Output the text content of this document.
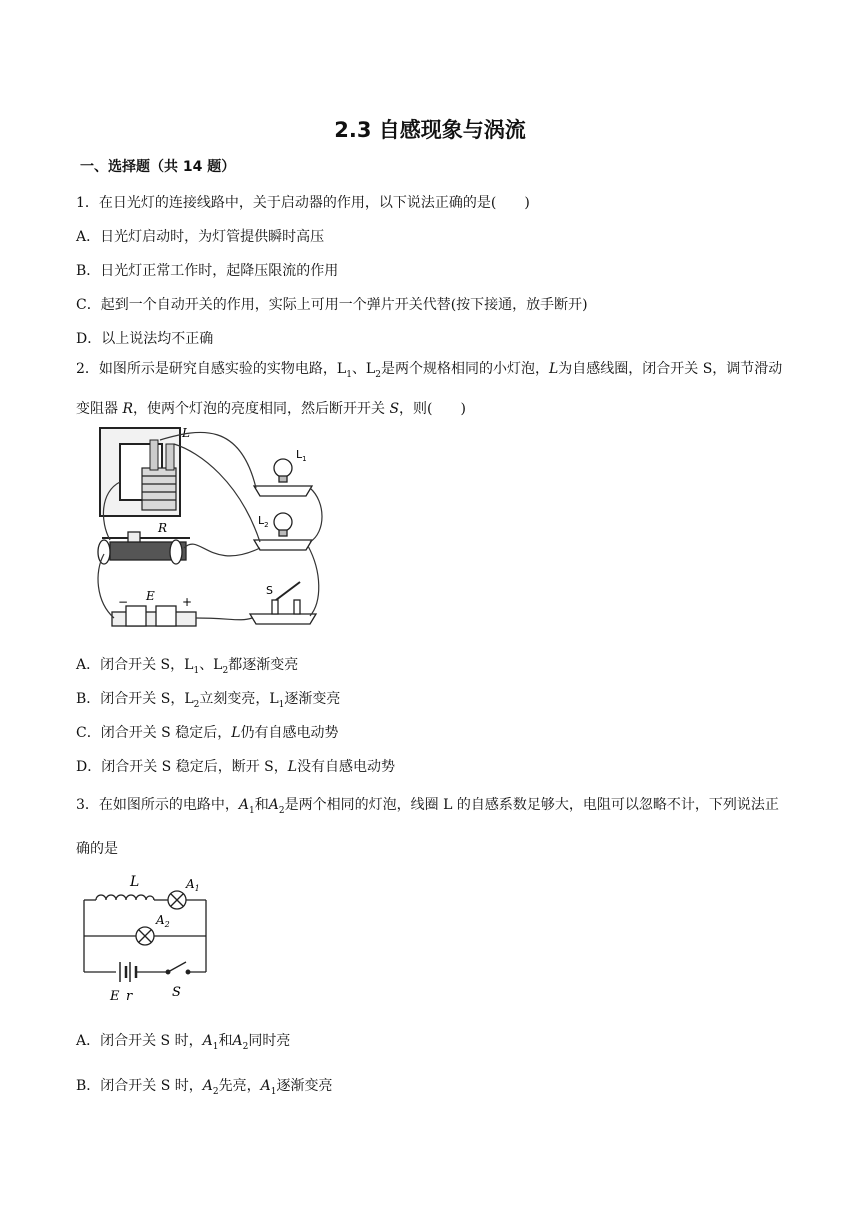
2.3 自感现象与涡流
一、选择题（共 14 题）
1．在日光灯的连接线路中，关于启动器的作用，以下说法正确的是(　　)
A．日光灯启动时，为灯管提供瞬时高压
B．日光灯正常工作时，起降压限流的作用
C．起到一个自动开关的作用，实际上可用一个弹片开关代替(按下接通，放手断开)
D．以上说法均不正确
2．如图所示是研究自感实验的实物电路，$L_1$、$L_2$是两个规格相同的小灯泡，L为自感线圈，闭合开关 S，调节滑动变阻器 R，使两个灯泡的亮度相同，然后断开开关 S，则(　　)
L
$L_1$
$L_2$
R
− E +
S
A．闭合开关 S，$L_1$、$L_2$都逐渐变亮
B．闭合开关 S，$L_2$立刻变亮，$L_1$逐渐变亮
C．闭合开关 S 稳定后，L仍有自感电动势
D．闭合开关 S 稳定后，断开 S，L没有自感电动势
3．在如图所示的电路中，$A_1$和$A_2$是两个相同的灯泡，线圈 L 的自感系数足够大，电阻可以忽略不计，下列说法正确的是
L	$A_1$
$A_2$
E r	S
A．闭合开关 S 时，$A_1$和$A_2$同时亮
B．闭合开关 S 时，$A_2$先亮，$A_1$逐渐变亮
